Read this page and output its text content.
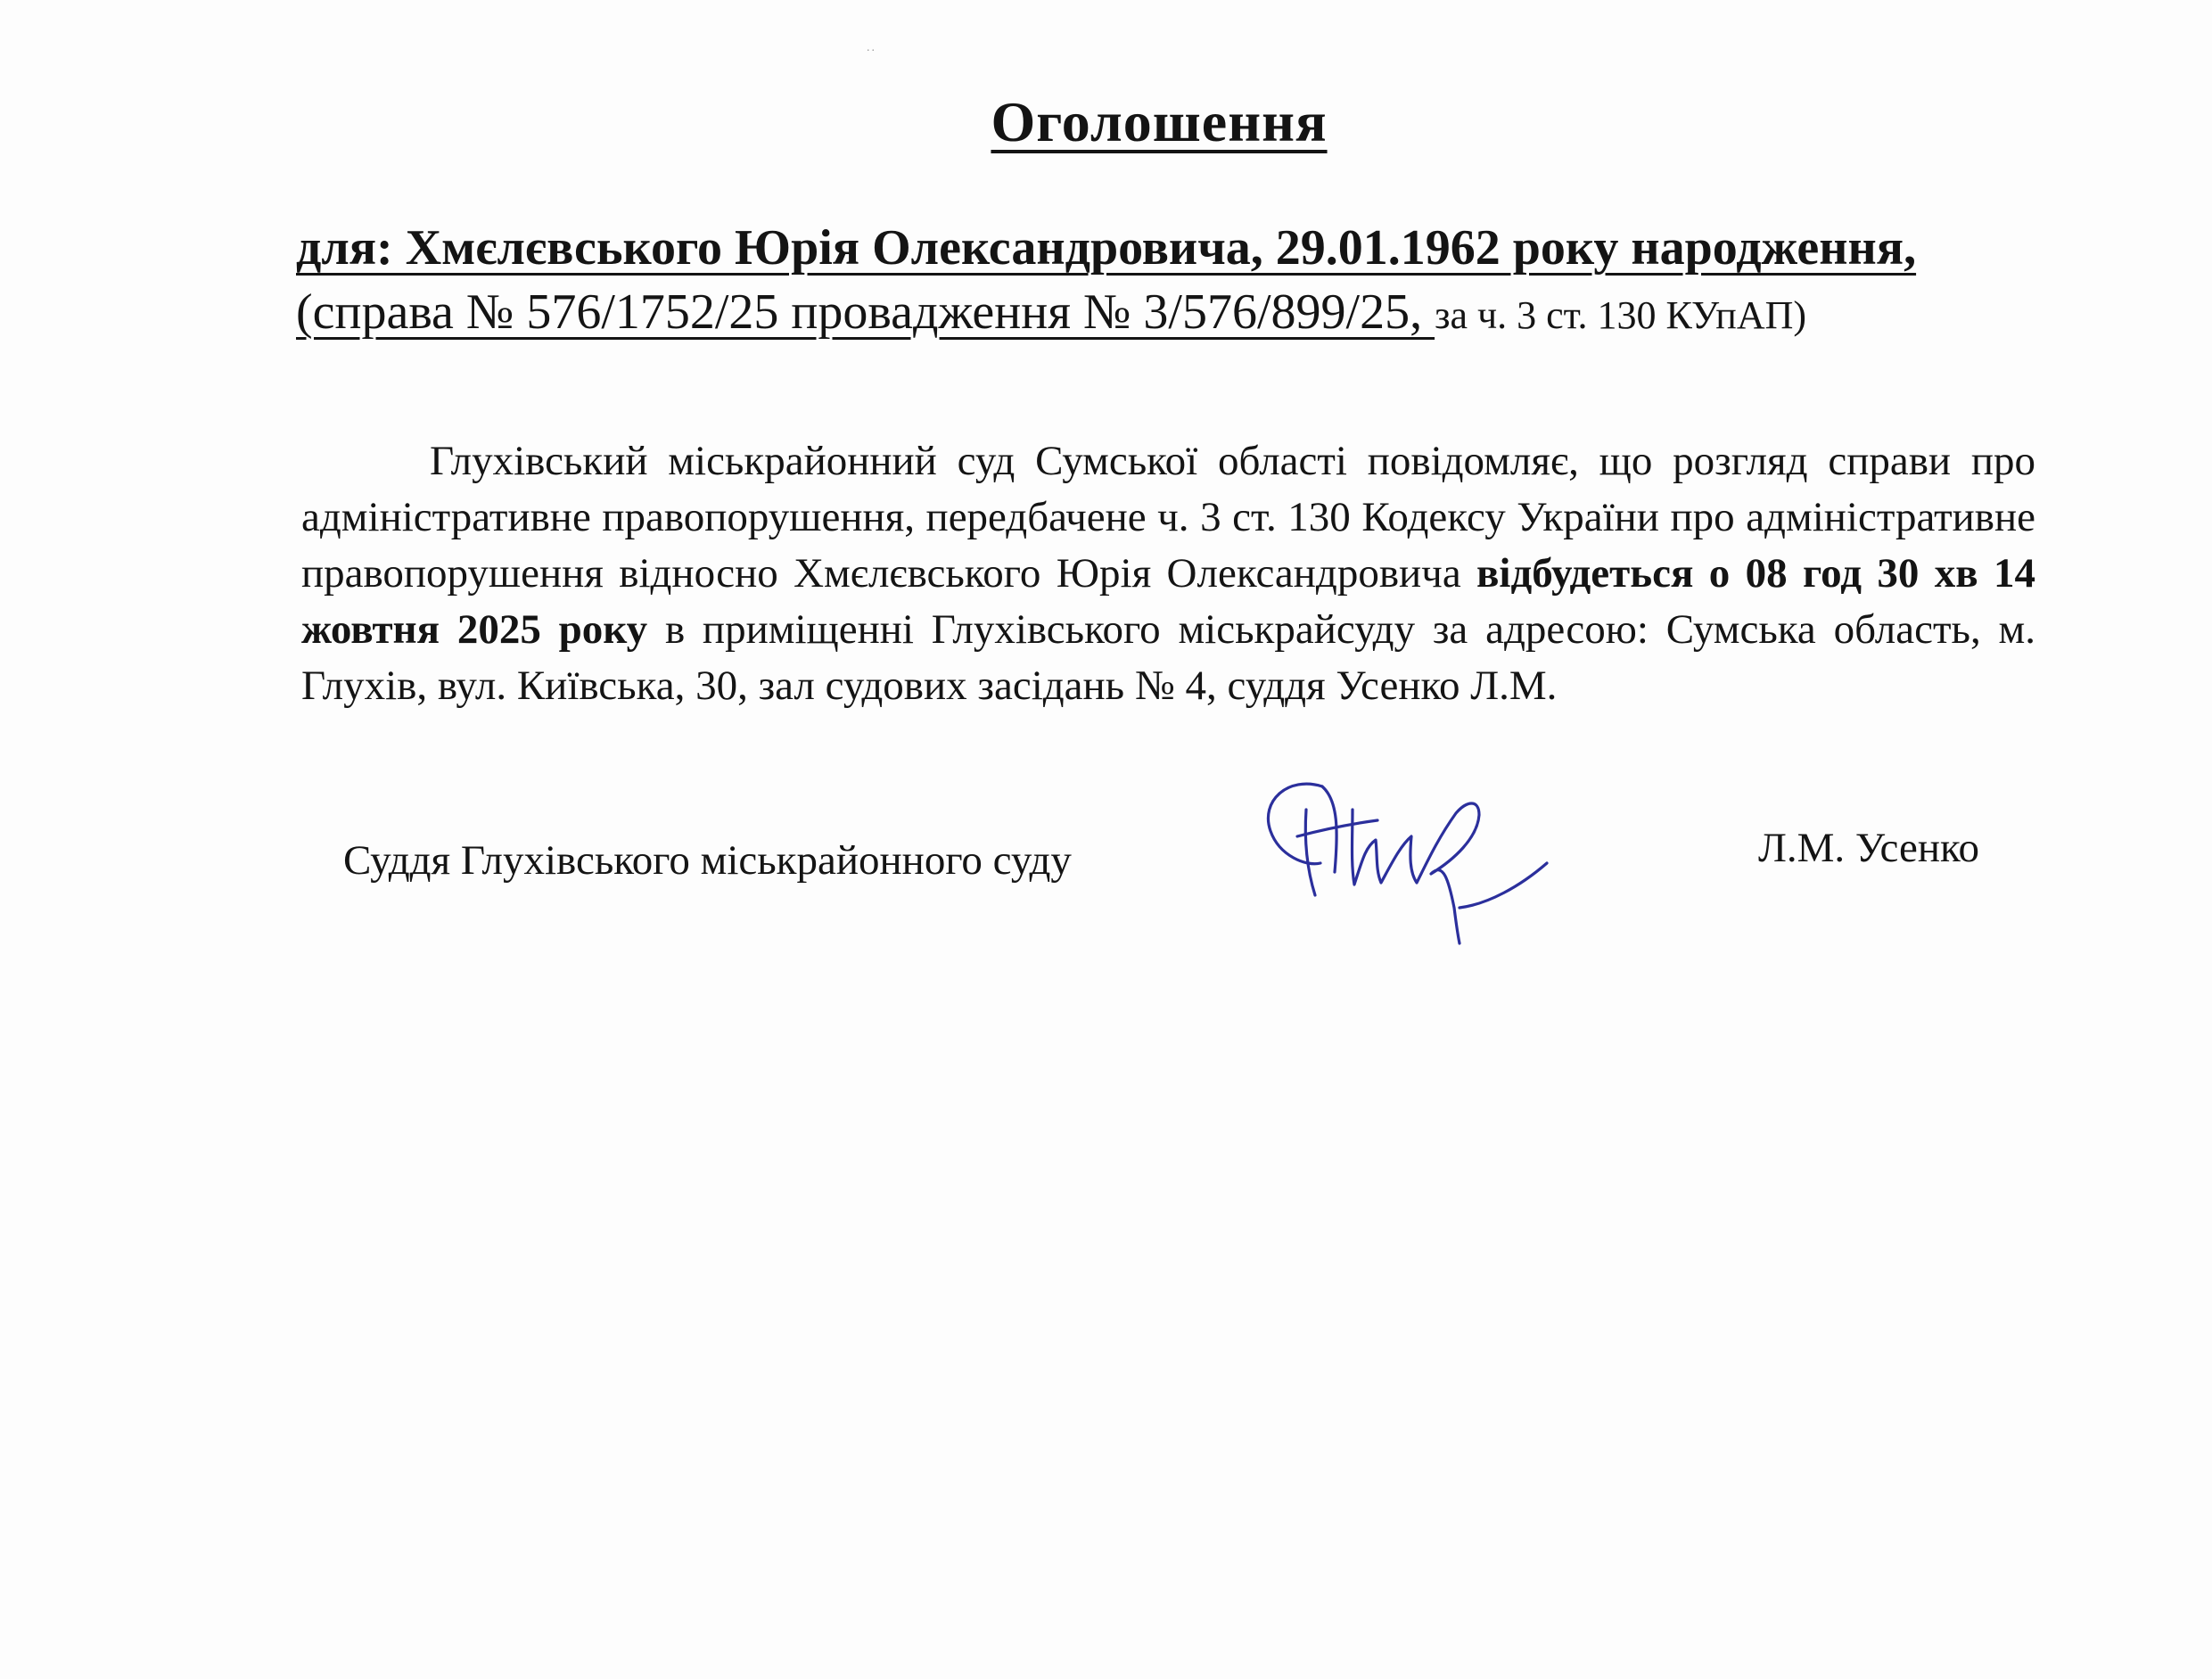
..
Оголошення
для: Хмєлєвського Юрія Олександровича, 29.01.1962 року народження,
(справа № 576/1752/25 провадження № 3/576/899/25, за ч. 3 ст. 130 КУпАП)

Глухівський міськрайонний суд Сумської області повідомляє, що розгляд справи про адміністративне правопорушення, передбачене ч. 3 ст. 130 Кодексу України про адміністративне правопорушення відносно Хмєлєвського Юрія Олександровича відбудеться о 08 год 30 хв 14 жовтня 2025 року в приміщенні Глухівського міськрайсуду за адресою: Сумська область, м. Глухів, вул. Київська, 30, зал судових засідань № 4, суддя Усенко Л.М.

Суддя Глухівського міськрайонного суду	Л.М. Усенко
